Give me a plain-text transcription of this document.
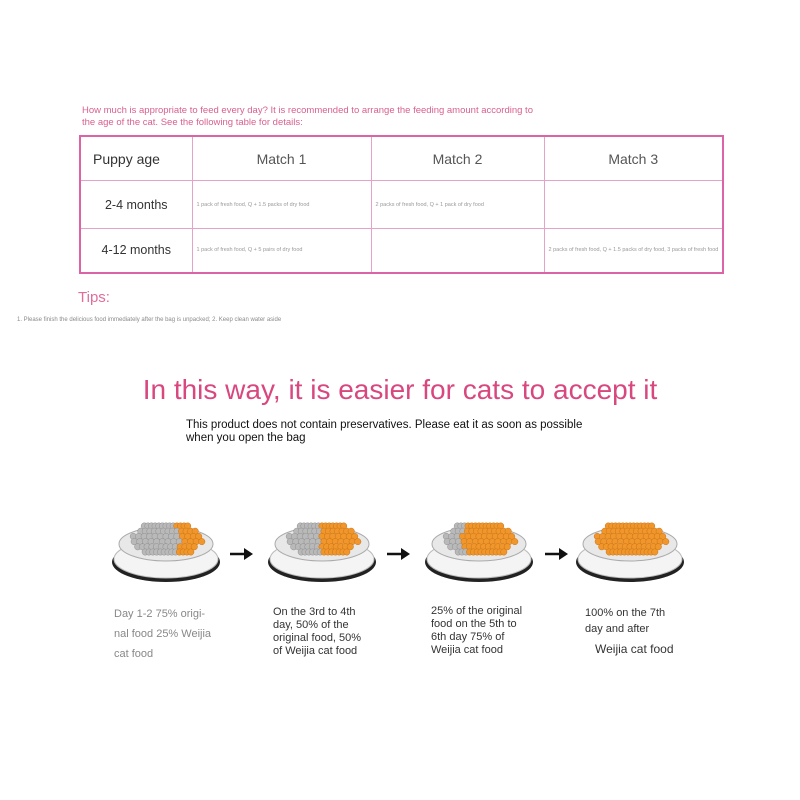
How much is appropriate to feed every day? It is recommended to arrange the feeding amount according to
the age of the cat. See the following table for details:
Puppy age	Match 1	Match 2	Match 3
2-4 months	1 pack of fresh food, Q + 1.5 packs of dry food	2 packs of fresh food, Q + 1 pack of dry food	
4-12 months	1 pack of fresh food, Q + 5 pairs of dry food		2 packs of fresh food, Q + 1.5 packs of dry food, 3 packs of fresh food
Tips:
1. Please finish the delicious food immediately after the bag is unpacked; 2. Keep clean water aside
In this way, it is easier for cats to accept it
This product does not contain preservatives. Please eat it as soon as possible
when you open the bag
Day 1-2 75% origi-
nal food 25% Weijia
cat food
On the 3rd to 4th
day, 50% of the
original food, 50%
of Weijia cat food
25% of the original
food on the 5th to
6th day 75% of
Weijia cat food
100% on the 7th
day and after
Weijia cat food
